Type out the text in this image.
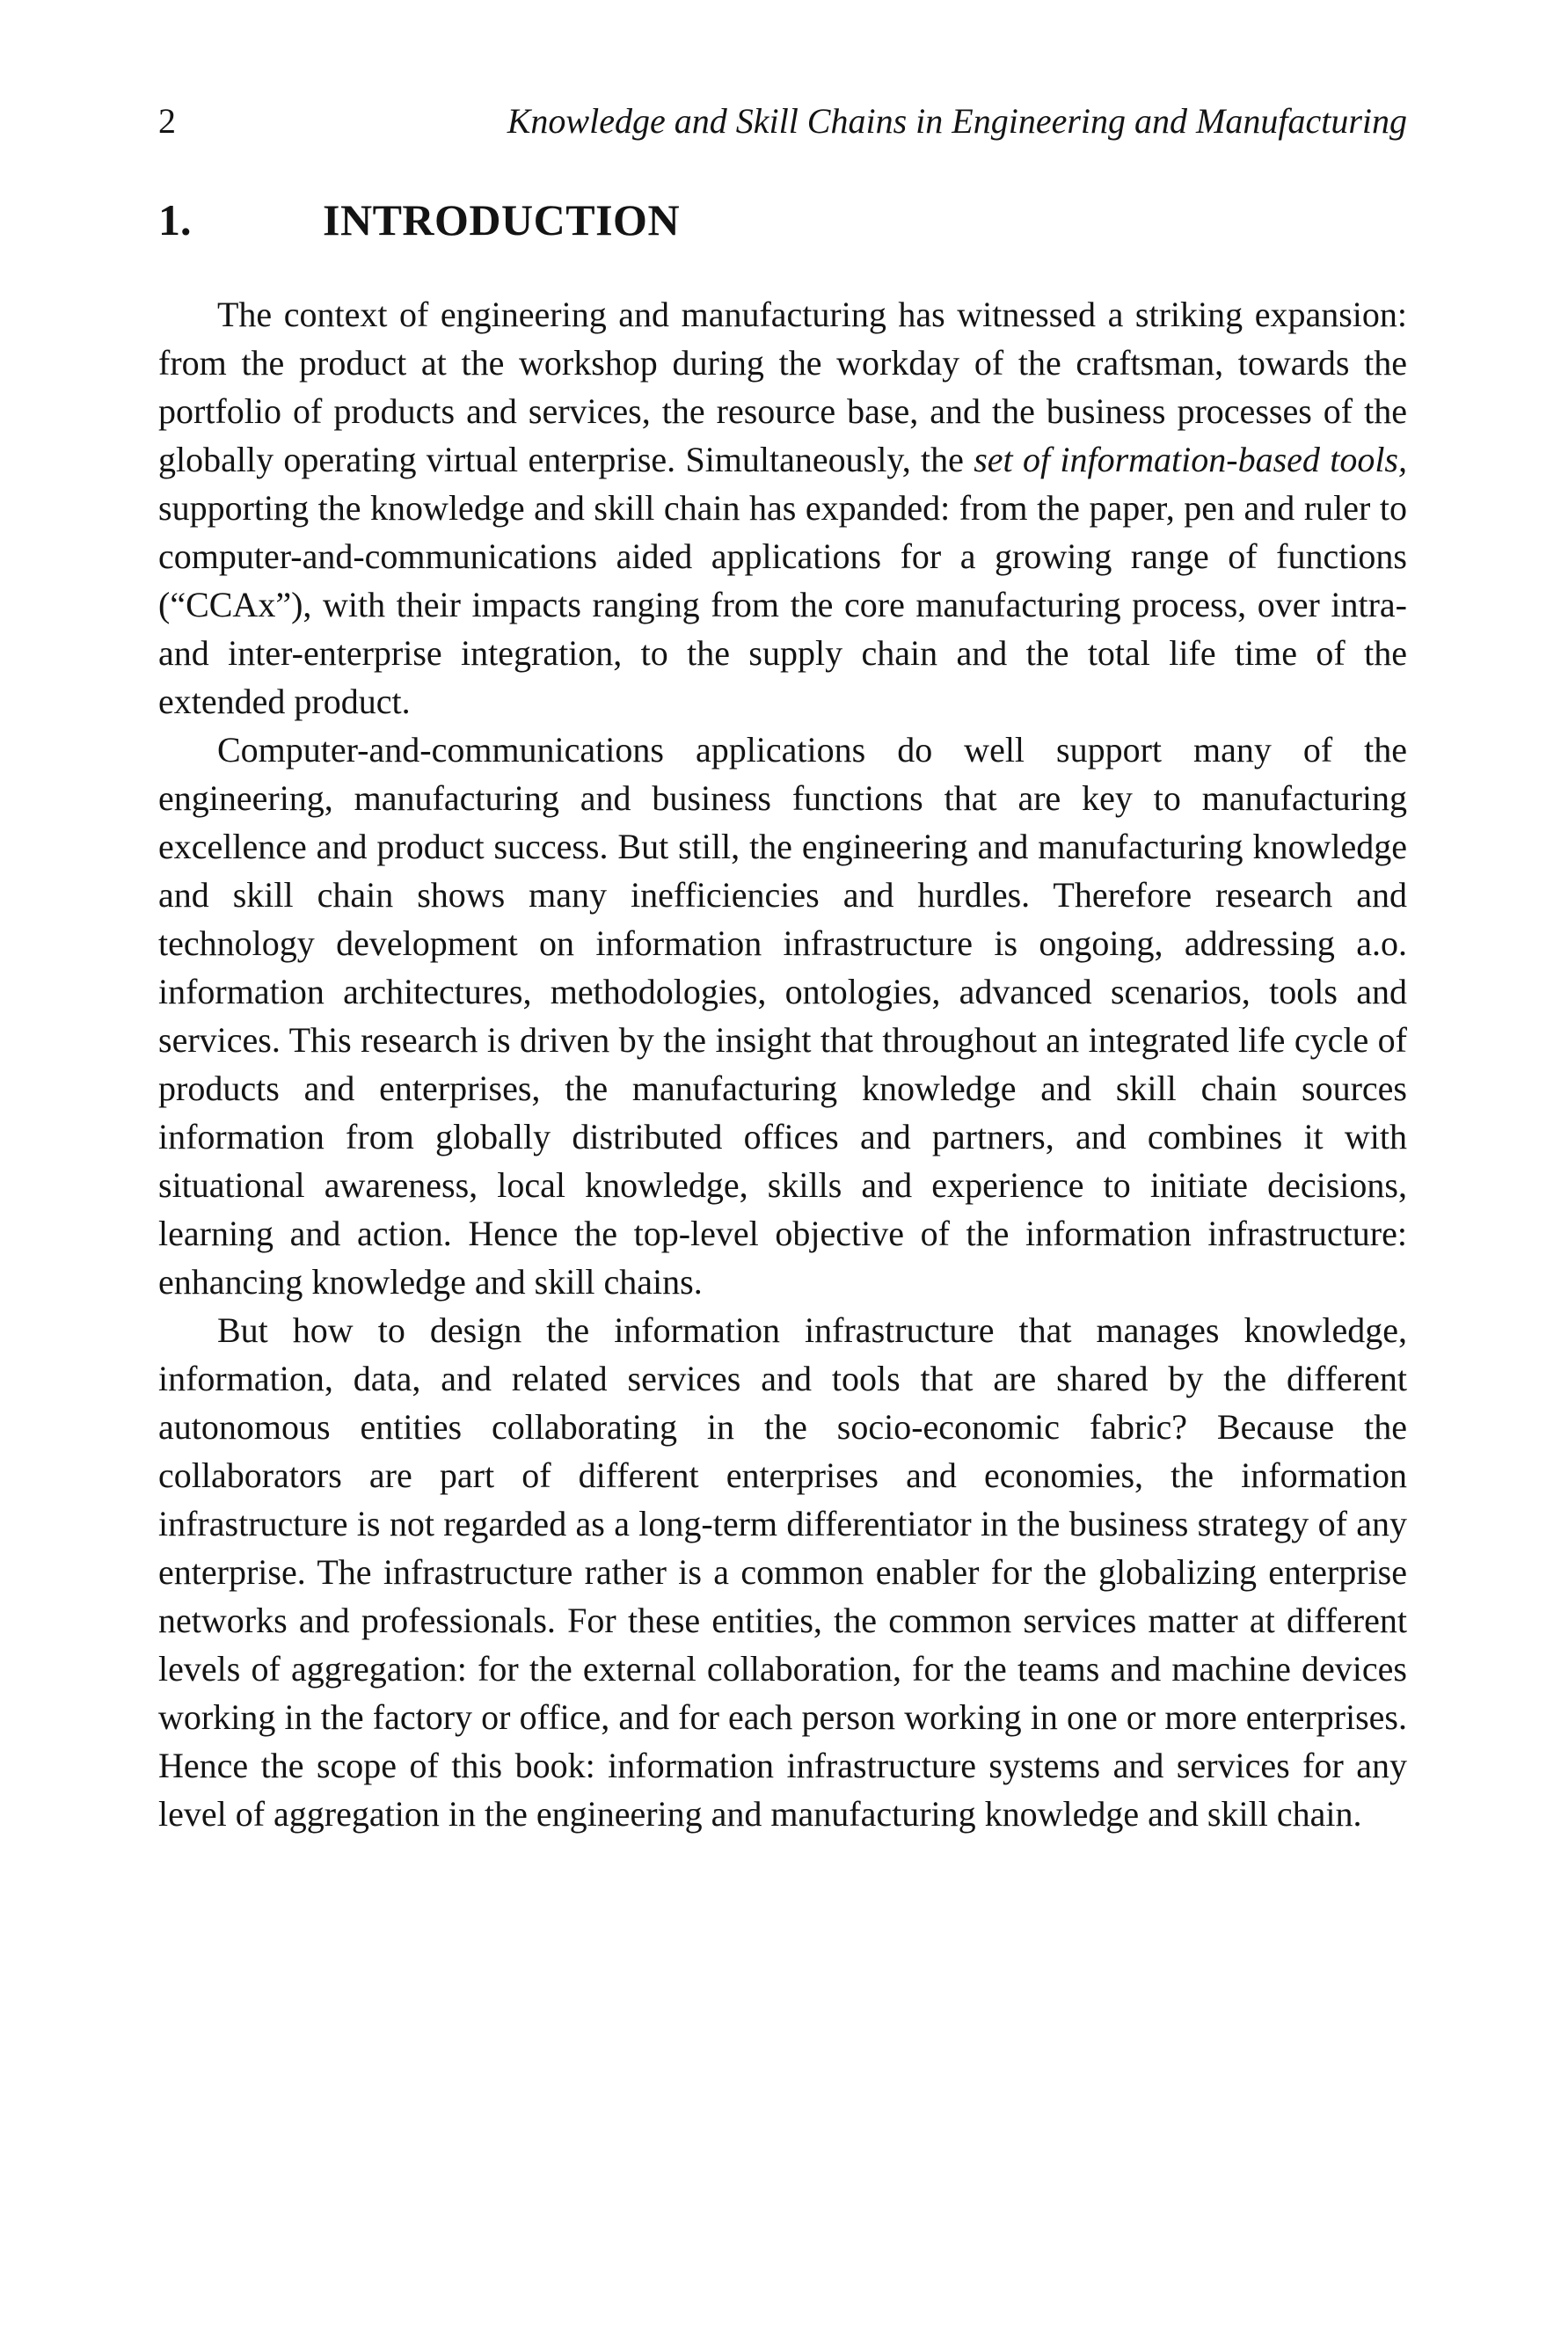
2	Knowledge and Skill Chains in Engineering and Manufacturing
1.	INTRODUCTION

The context of engineering and manufacturing has witnessed a striking expansion: from the product at the workshop during the workday of the craftsman, towards the portfolio of products and services, the resource base, and the business processes of the globally operating virtual enterprise. Simultaneously, the set of information-based tools, supporting the knowledge and skill chain has expanded: from the paper, pen and ruler to computer-and-communications aided applications for a growing range of functions (“CCAx”), with their impacts ranging from the core manufacturing process, over intra- and inter-enterprise integration, to the supply chain and the total life time of the extended product.

Computer-and-communications applications do well support many of the engineering, manufacturing and business functions that are key to manufacturing excellence and product success. But still, the engineering and manufacturing knowledge and skill chain shows many inefficiencies and hurdles. Therefore research and technology development on information infrastructure is ongoing, addressing a.o. information architectures, methodologies, ontologies, advanced scenarios, tools and services. This research is driven by the insight that throughout an integrated life cycle of products and enterprises, the manufacturing knowledge and skill chain sources information from globally distributed offices and partners, and combines it with situational awareness, local knowledge, skills and experience to initiate decisions, learning and action. Hence the top-level objective of the information infrastructure: enhancing knowledge and skill chains.

But how to design the information infrastructure that manages knowledge, information, data, and related services and tools that are shared by the different autonomous entities collaborating in the socio-economic fabric? Because the collaborators are part of different enterprises and economies, the information infrastructure is not regarded as a long-term differentiator in the business strategy of any enterprise. The infrastructure rather is a common enabler for the globalizing enterprise networks and professionals. For these entities, the common services matter at different levels of aggregation: for the external collaboration, for the teams and machine devices working in the factory or office, and for each person working in one or more enterprises. Hence the scope of this book: information infrastructure systems and services for any level of aggregation in the engineering and manufacturing knowledge and skill chain.
